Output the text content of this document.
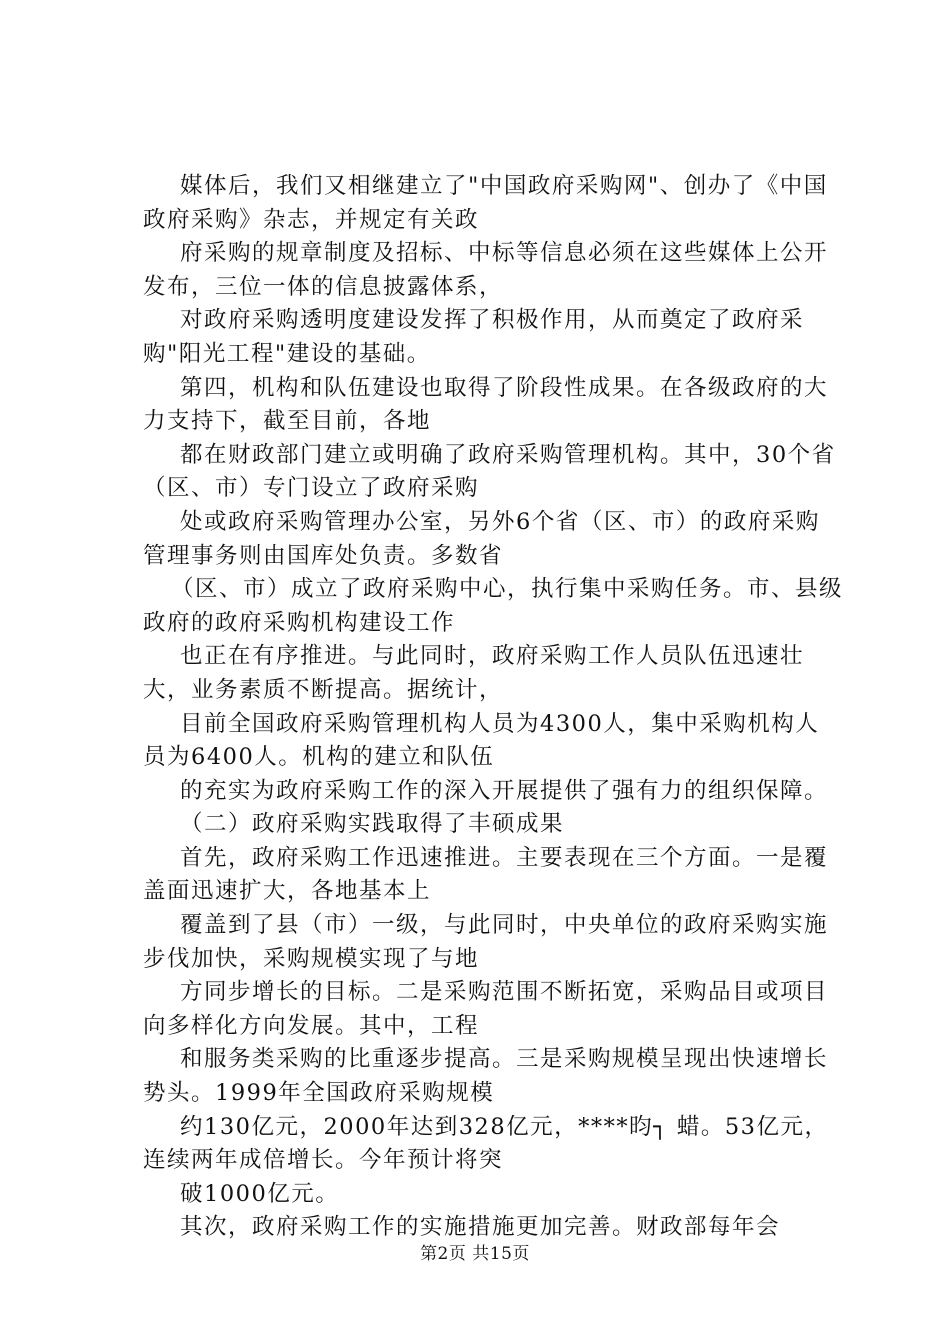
媒体后，我们又相继建立了"中国政府采购网"、创办了《中国政府采购》杂志，并规定有关政

府采购的规章制度及招标、中标等信息必须在这些媒体上公开发布，三位一体的信息披露体系，

对政府采购透明度建设发挥了积极作用，从而奠定了政府采购"阳光工程"建设的基础。

第四，机构和队伍建设也取得了阶段性成果。在各级政府的大力支持下，截至目前，各地

都在财政部门建立或明确了政府采购管理机构。其中，30个省（区、市）专门设立了政府采购

处或政府采购管理办公室，另外6个省（区、市）的政府采购管理事务则由国库处负责。多数省

（区、市）成立了政府采购中心，执行集中采购任务。市、县级政府的政府采购机构建设工作

也正在有序推进。与此同时，政府采购工作人员队伍迅速壮大，业务素质不断提高。据统计，

目前全国政府采购管理机构人员为4300人，集中采购机构人员为6400人。机构的建立和队伍

的充实为政府采购工作的深入开展提供了强有力的组织保障。

（二）政府采购实践取得了丰硕成果

首先，政府采购工作迅速推进。主要表现在三个方面。一是覆盖面迅速扩大，各地基本上

覆盖到了县（市）一级，与此同时，中央单位的政府采购实施步伐加快，采购规模实现了与地

方同步增长的目标。二是采购范围不断拓宽，采购品目或项目向多样化方向发展。其中，工程

和服务类采购的比重逐步提高。三是采购规模呈现出快速增长势头。1999年全国政府采购规模

约130亿元，2000年达到328亿元，****昀┐ 蜡。53亿元，连续两年成倍增长。今年预计将突

破1000亿元。

其次，政府采购工作的实施措施更加完善。财政部每年会

第2页 共15页
